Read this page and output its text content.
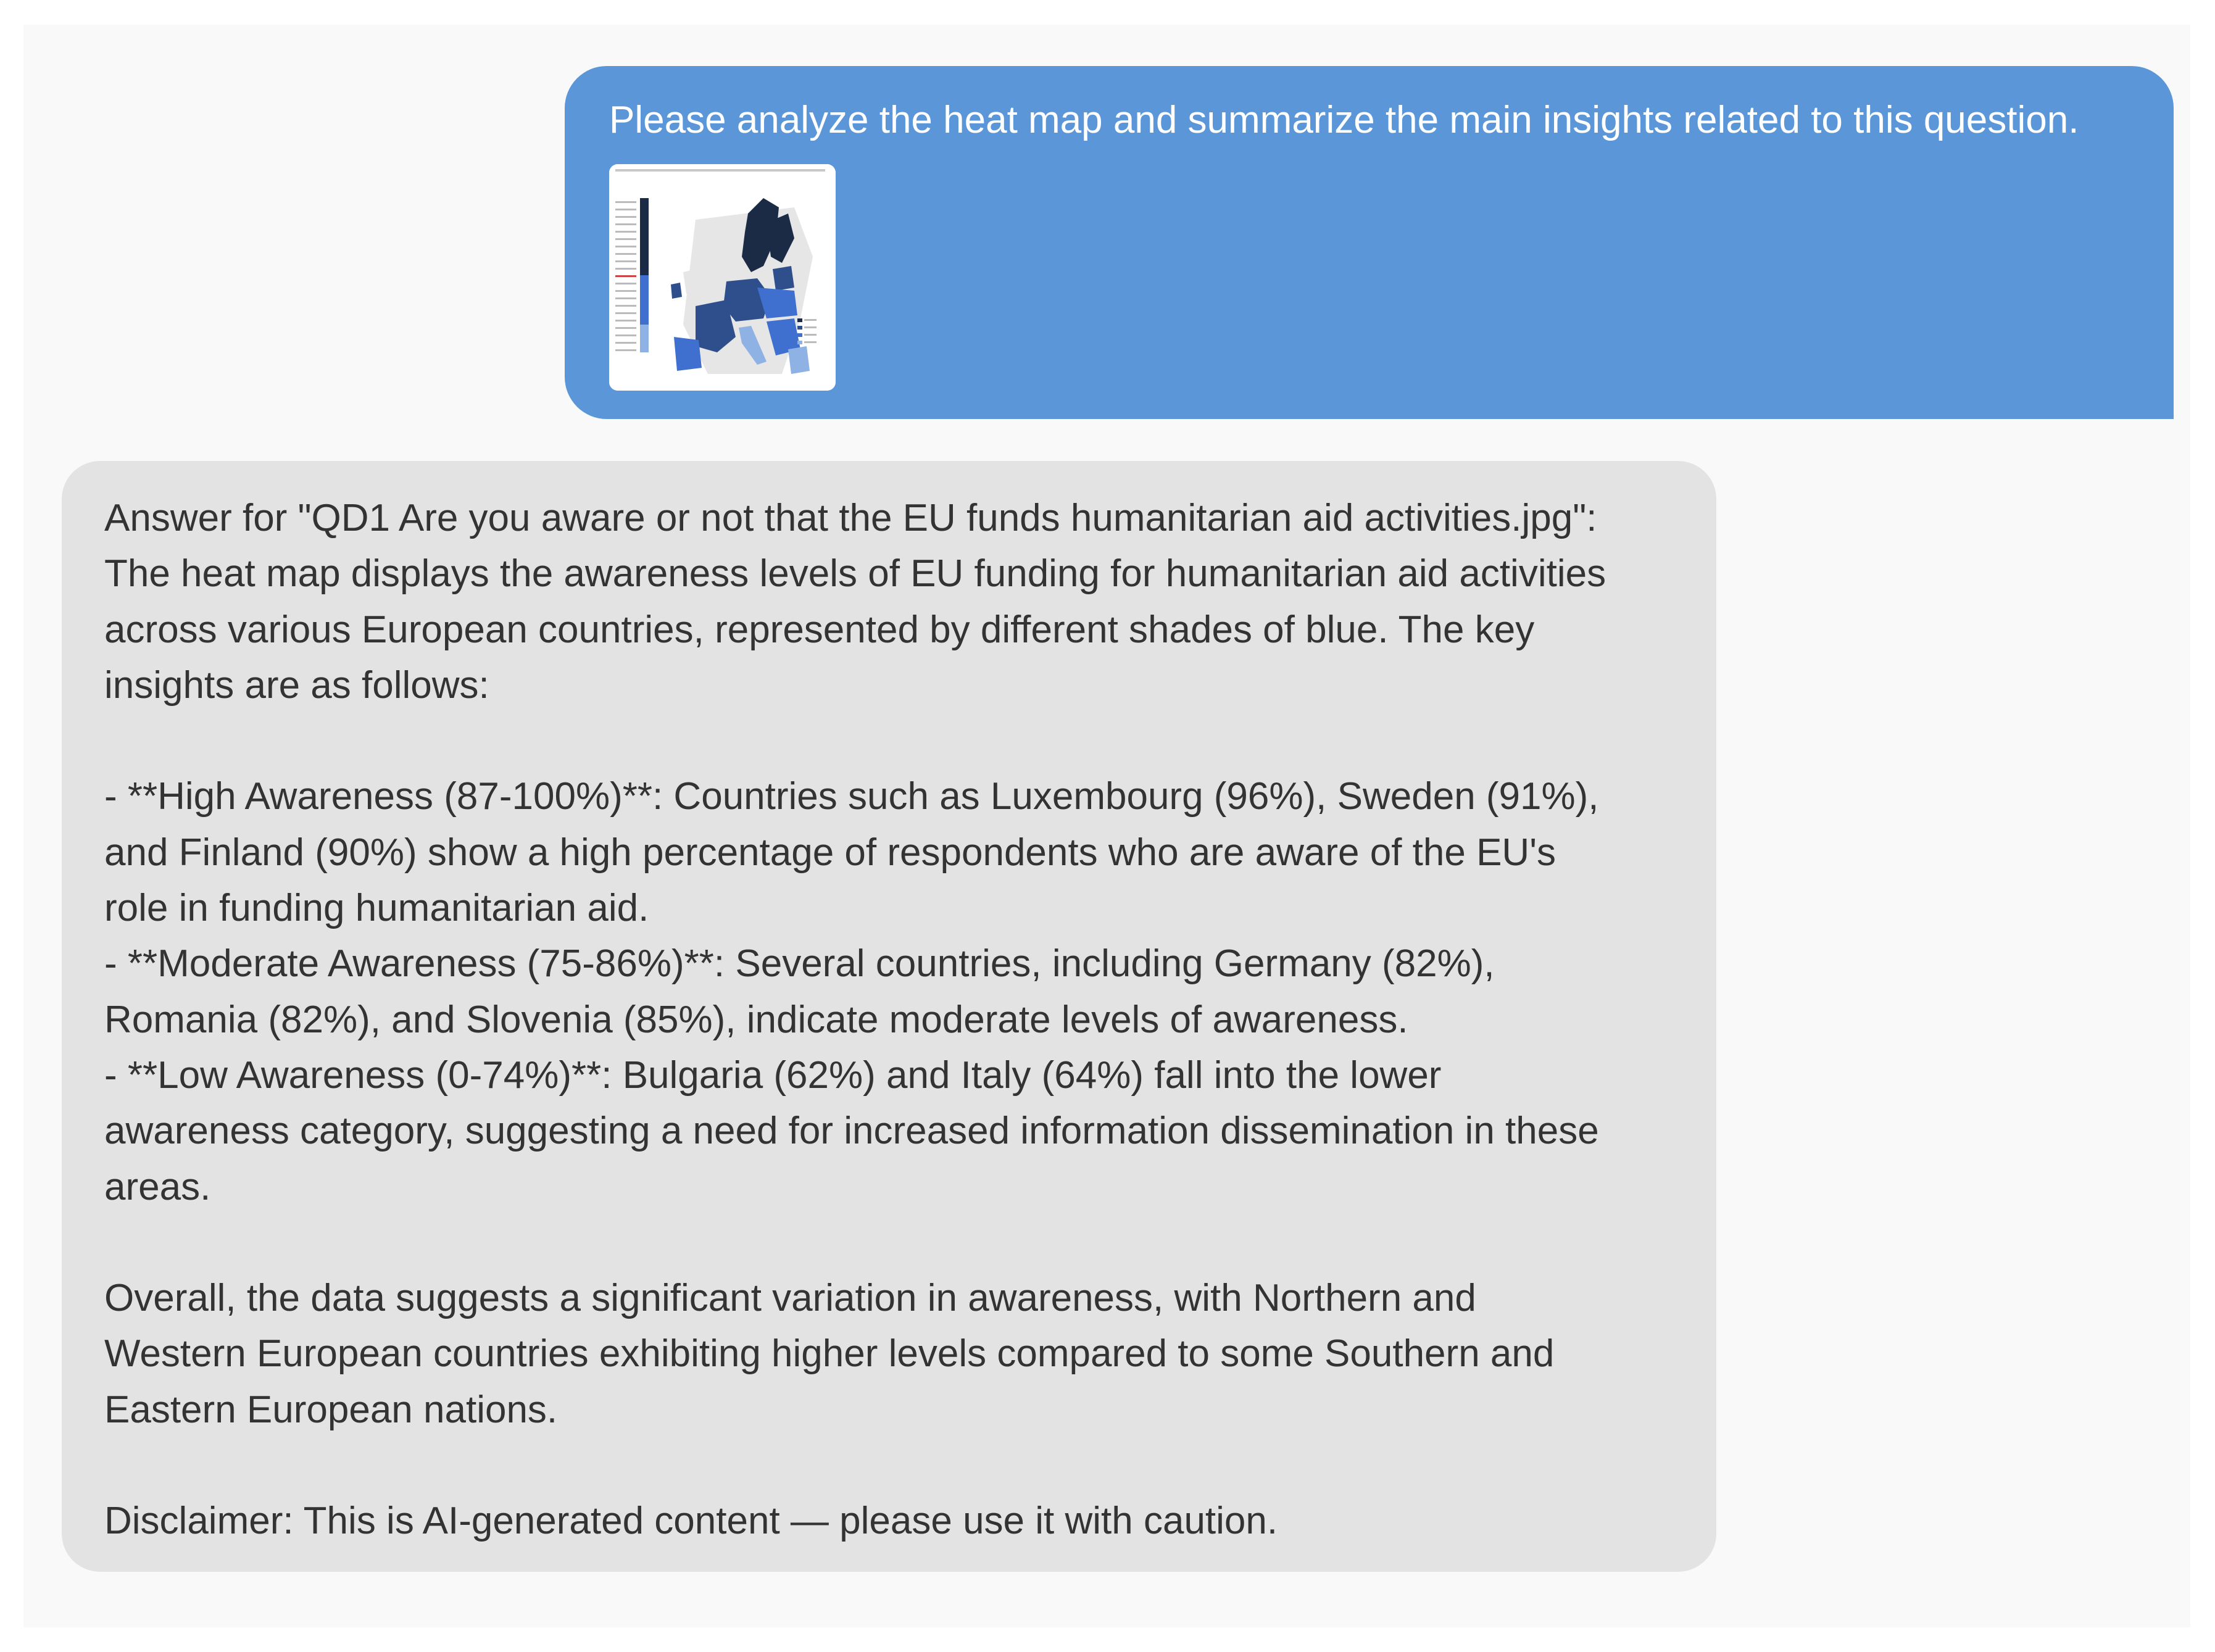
Please analyze the heat map and summarize the main insights related to this question.
Answer for "QD1 Are you aware or not that the EU funds humanitarian aid activities.jpg":
The heat map displays the awareness levels of EU funding for humanitarian aid activities
across various European countries, represented by different shades of blue. The key
insights are as follows:
- **High Awareness (87-100%)**: Countries such as Luxembourg (96%), Sweden (91%),
and Finland (90%) show a high percentage of respondents who are aware of the EU's
role in funding humanitarian aid.
- **Moderate Awareness (75-86%)**: Several countries, including Germany (82%),
Romania (82%), and Slovenia (85%), indicate moderate levels of awareness.
- **Low Awareness (0-74%)**: Bulgaria (62%) and Italy (64%) fall into the lower
awareness category, suggesting a need for increased information dissemination in these
areas.
Overall, the data suggests a significant variation in awareness, with Northern and
Western European countries exhibiting higher levels compared to some Southern and
Eastern European nations.
Disclaimer: This is AI-generated content — please use it with caution.
